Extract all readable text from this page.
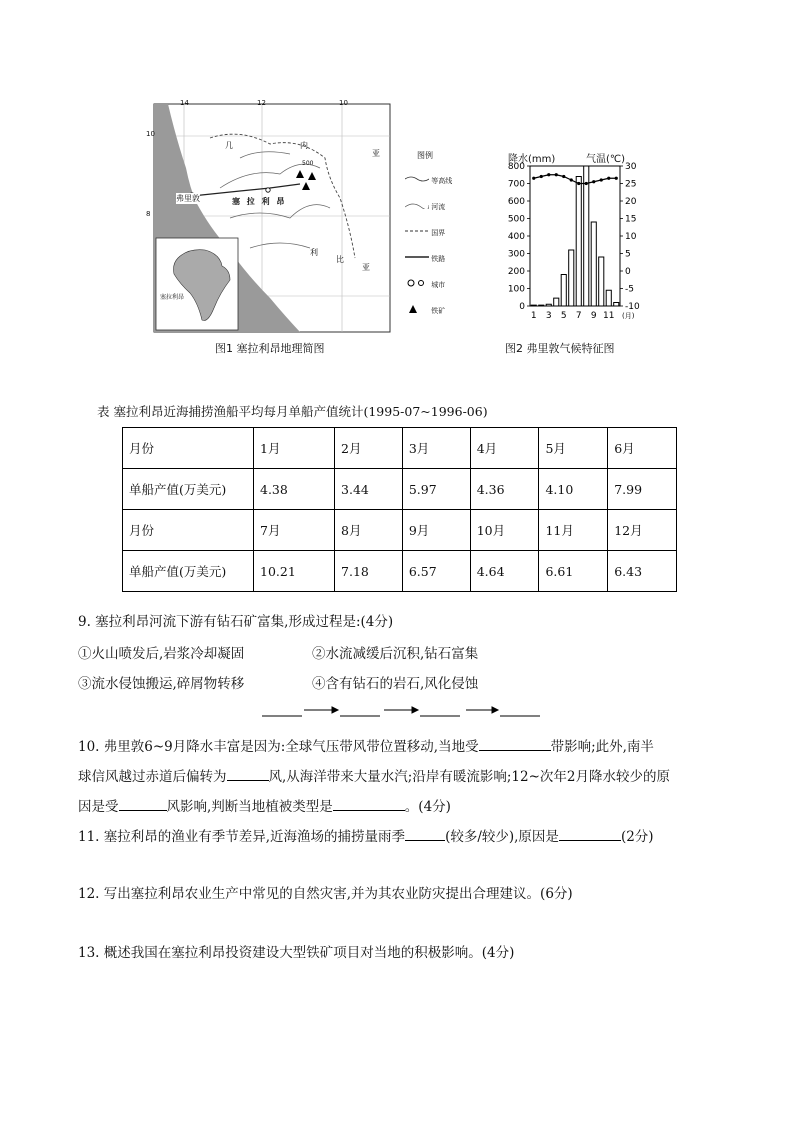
14	12	10
10
8
几	内
亚
利
比
亚
弗里敦	塞 拉 利 昂
500
塞拉利昂
图例
等高线
河流
国界
铁路
城市
铁矿
图1 塞拉利昂地理简图
降水(mm)	气温(℃)
800
700
600
500
400
300
200
100
0
30
25
20
15
10
5
0
-5
-10
1 3 5 7 9 11 (月)
图2 弗里敦气候特征图
表 塞拉利昂近海捕捞渔船平均每月单船产值统计(1995-07~1996-06)
月份	1月	2月	3月	4月	5月	6月
单船产值(万美元)	4.38	3.44	5.97	4.36	4.10	7.99
月份	7月	8月	9月	10月	11月	12月
单船产值(万美元)	10.21	7.18	6.57	4.64	6.61	6.43
9. 塞拉利昂河流下游有钻石矿富集,形成过程是:(4分)
①火山喷发后,岩浆冷却凝固	②水流减缓后沉积,钻石富集
③流水侵蚀搬运,碎屑物转移	④含有钻石的岩石,风化侵蚀
10. 弗里敦6~9月降水丰富是因为:全球气压带风带位置移动,当地受	带影响;此外,南半
球信风越过赤道后偏转为	风,从海洋带来大量水汽;沿岸有暖流影响;12~次年2月降水较少的原
因是受	风影响,判断当地植被类型是	。(4分)
11. 塞拉利昂的渔业有季节差异,近海渔场的捕捞量雨季	(较多/较少),原因是	(2分)
12. 写出塞拉利昂农业生产中常见的自然灾害,并为其农业防灾提出合理建议。(6分)
13. 概述我国在塞拉利昂投资建设大型铁矿项目对当地的积极影响。(4分)
